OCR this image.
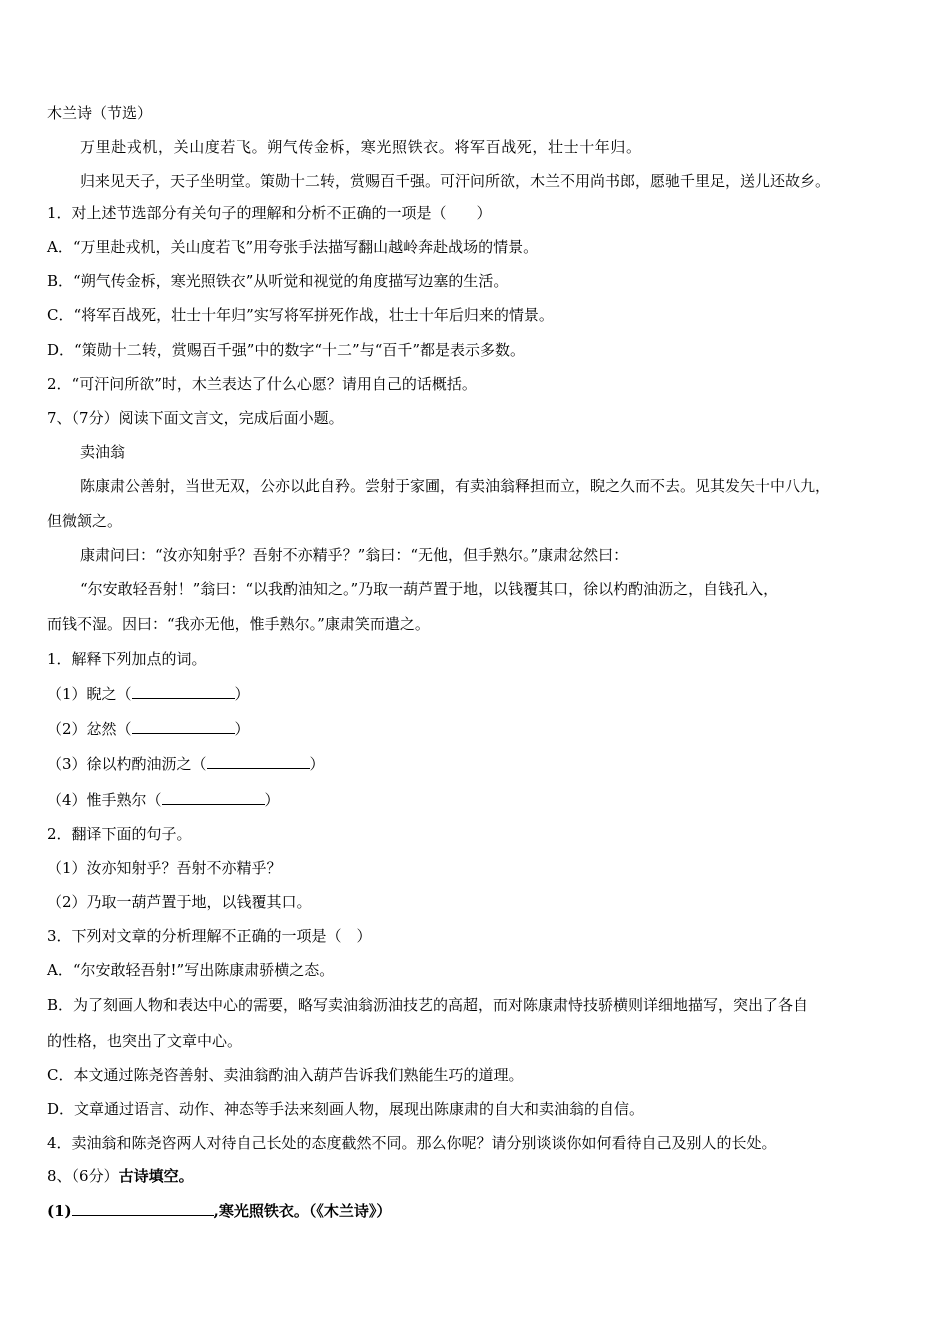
木兰诗（节选）
万里赴戎机，关山度若飞。朔气传金柝，寒光照铁衣。将军百战死，壮士十年归。
归来见天子，天子坐明堂。策勋十二转，赏赐百千强。可汗问所欲，木兰不用尚书郎，愿驰千里足，送儿还故乡。
1．对上述节选部分有关句子的理解和分析不正确的一项是（　　）
A．“万里赴戎机，关山度若飞”用夸张手法描写翻山越岭奔赴战场的情景。
B．“朔气传金柝，寒光照铁衣”从听觉和视觉的角度描写边塞的生活。
C．“将军百战死，壮士十年归”实写将军拼死作战，壮士十年后归来的情景。
D．“策勋十二转，赏赐百千强”中的数字“十二”与“百千”都是表示多数。
2．“可汗问所欲”时，木兰表达了什么心愿？请用自己的话概括。
7、（7分）阅读下面文言文，完成后面小题。
卖油翁
陈康肃公善射，当世无双，公亦以此自矜。尝射于家圃，有卖油翁释担而立，睨之久而不去。见其发矢十中八九，
但微颔之。
康肃问曰：“汝亦知射乎？吾射不亦精乎？”翁曰：“无他，但手熟尔。”康肃忿然曰：
“尔安敢轻吾射！”翁曰：“以我酌油知之。”乃取一葫芦置于地，以钱覆其口，徐以杓酌油沥之，自钱孔入，
而钱不湿。因曰：“我亦无他，惟手熟尔。”康肃笑而遣之。
1．解释下列加点的词。
（1）睨之（	）
（2）忿然（	）
（3）徐以杓酌油沥之（	）
（4）惟手熟尔（	）
2．翻译下面的句子。
（1）汝亦知射乎？吾射不亦精乎？
（2）乃取一葫芦置于地，以钱覆其口。
3．下列对文章的分析理解不正确的一项是（　）
A．“尔安敢轻吾射!”写出陈康肃骄横之态。
B．为了刻画人物和表达中心的需要，略写卖油翁沥油技艺的高超，而对陈康肃恃技骄横则详细地描写，突出了各自
的性格，也突出了文章中心。
C．本文通过陈尧咨善射、卖油翁酌油入葫芦告诉我们熟能生巧的道理。
D．文章通过语言、动作、神态等手法来刻画人物，展现出陈康肃的自大和卖油翁的自信。
4．卖油翁和陈尧咨两人对待自己长处的态度截然不同。那么你呢？请分别谈谈你如何看待自己及别人的长处。
8、（6分）古诗填空。
(1)	,寒光照铁衣。（《木兰诗》）
